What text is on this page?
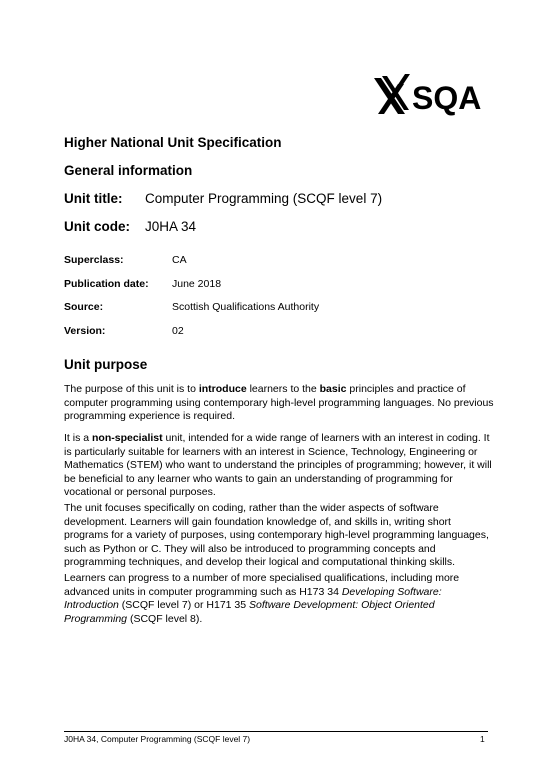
SQA
Higher National Unit Specification
General information
Unit title: Computer Programming (SCQF level 7)
Unit code: J0HA 34
Superclass:	CA
Publication date: June 2018
Source:	Scottish Qualifications Authority
Version:	02
Unit purpose

The purpose of this unit is to introduce learners to the basic principles and practice of computer programming using contemporary high-level programming languages. No previous programming experience is required.

It is a non-specialist unit, intended for a wide range of learners with an interest in coding. It is particularly suitable for learners with an interest in Science, Technology, Engineering or Mathematics (STEM) who want to understand the principles of programming; however, it will be beneficial to any learner who wants to gain an understanding of programming for vocational or personal purposes.

The unit focuses specifically on coding, rather than the wider aspects of software development. Learners will gain foundation knowledge of, and skills in, writing short programs for a variety of purposes, using contemporary high-level programming languages, such as Python or C. They will also be introduced to programming concepts and programming techniques, and develop their logical and computational thinking skills.

Learners can progress to a number of more specialised qualifications, including more advanced units in computer programming such as H173 34 Developing Software: Introduction (SCQF level 7) or H171 35 Software Development: Object Oriented Programming (SCQF level 8).

J0HA 34, Computer Programming (SCQF level 7)	1
